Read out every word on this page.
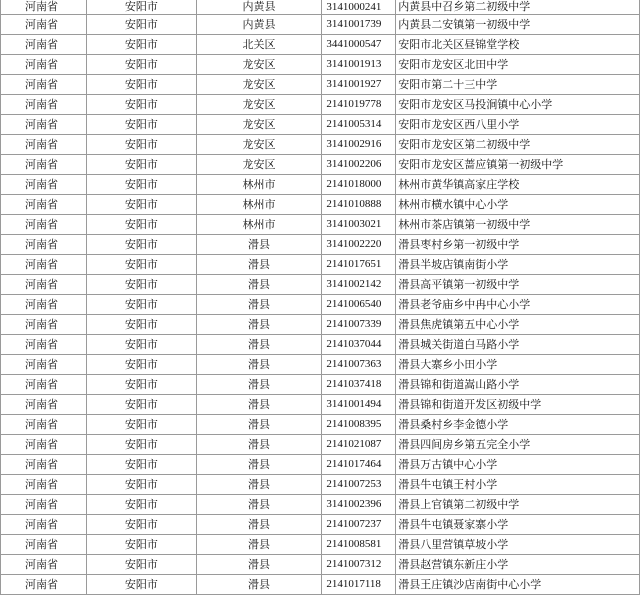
河南省	安阳市	内黄县	3141000241	内黄县中召乡第二初级中学
河南省	安阳市	内黄县	3141001739	内黄县二安镇第一初级中学
河南省	安阳市	北关区	3441000547	安阳市北关区昼锦堂学校
河南省	安阳市	龙安区	3141001913	安阳市龙安区北田中学
河南省	安阳市	龙安区	3141001927	安阳市第二十三中学
河南省	安阳市	龙安区	2141019778	安阳市龙安区马投涧镇中心小学
河南省	安阳市	龙安区	2141005314	安阳市龙安区西八里小学
河南省	安阳市	龙安区	3141002916	安阳市龙安区第二初级中学
河南省	安阳市	龙安区	3141002206	安阳市龙安区蔷应镇第一初级中学
河南省	安阳市	林州市	2141018000	林州市黄华镇高家庄学校
河南省	安阳市	林州市	2141010888	林州市横水镇中心小学
河南省	安阳市	林州市	3141003021	林州市茶店镇第一初级中学
河南省	安阳市	滑县	3141002220	滑县枣村乡第一初级中学
河南省	安阳市	滑县	2141017651	滑县半坡店镇南街小学
河南省	安阳市	滑县	3141002142	滑县高平镇第一初级中学
河南省	安阳市	滑县	2141006540	滑县老爷庙乡中冉中心小学
河南省	安阳市	滑县	2141007339	滑县焦虎镇第五中心小学
河南省	安阳市	滑县	2141037044	滑县城关街道白马路小学
河南省	安阳市	滑县	2141007363	滑县大寨乡小田小学
河南省	安阳市	滑县	2141037418	滑县锦和街道嵩山路小学
河南省	安阳市	滑县	3141001494	滑县锦和街道开发区初级中学
河南省	安阳市	滑县	2141008395	滑县桑村乡李金德小学
河南省	安阳市	滑县	2141021087	滑县四间房乡第五完全小学
河南省	安阳市	滑县	2141017464	滑县万古镇中心小学
河南省	安阳市	滑县	2141007253	滑县牛屯镇王村小学
河南省	安阳市	滑县	3141002396	滑县上官镇第二初级中学
河南省	安阳市	滑县	2141007237	滑县牛屯镇聂家寨小学
河南省	安阳市	滑县	2141008581	滑县八里营镇草坡小学
河南省	安阳市	滑县	2141007312	滑县赵营镇东新庄小学
河南省	安阳市	滑县	2141017118	滑县王庄镇沙店南街中心小学
